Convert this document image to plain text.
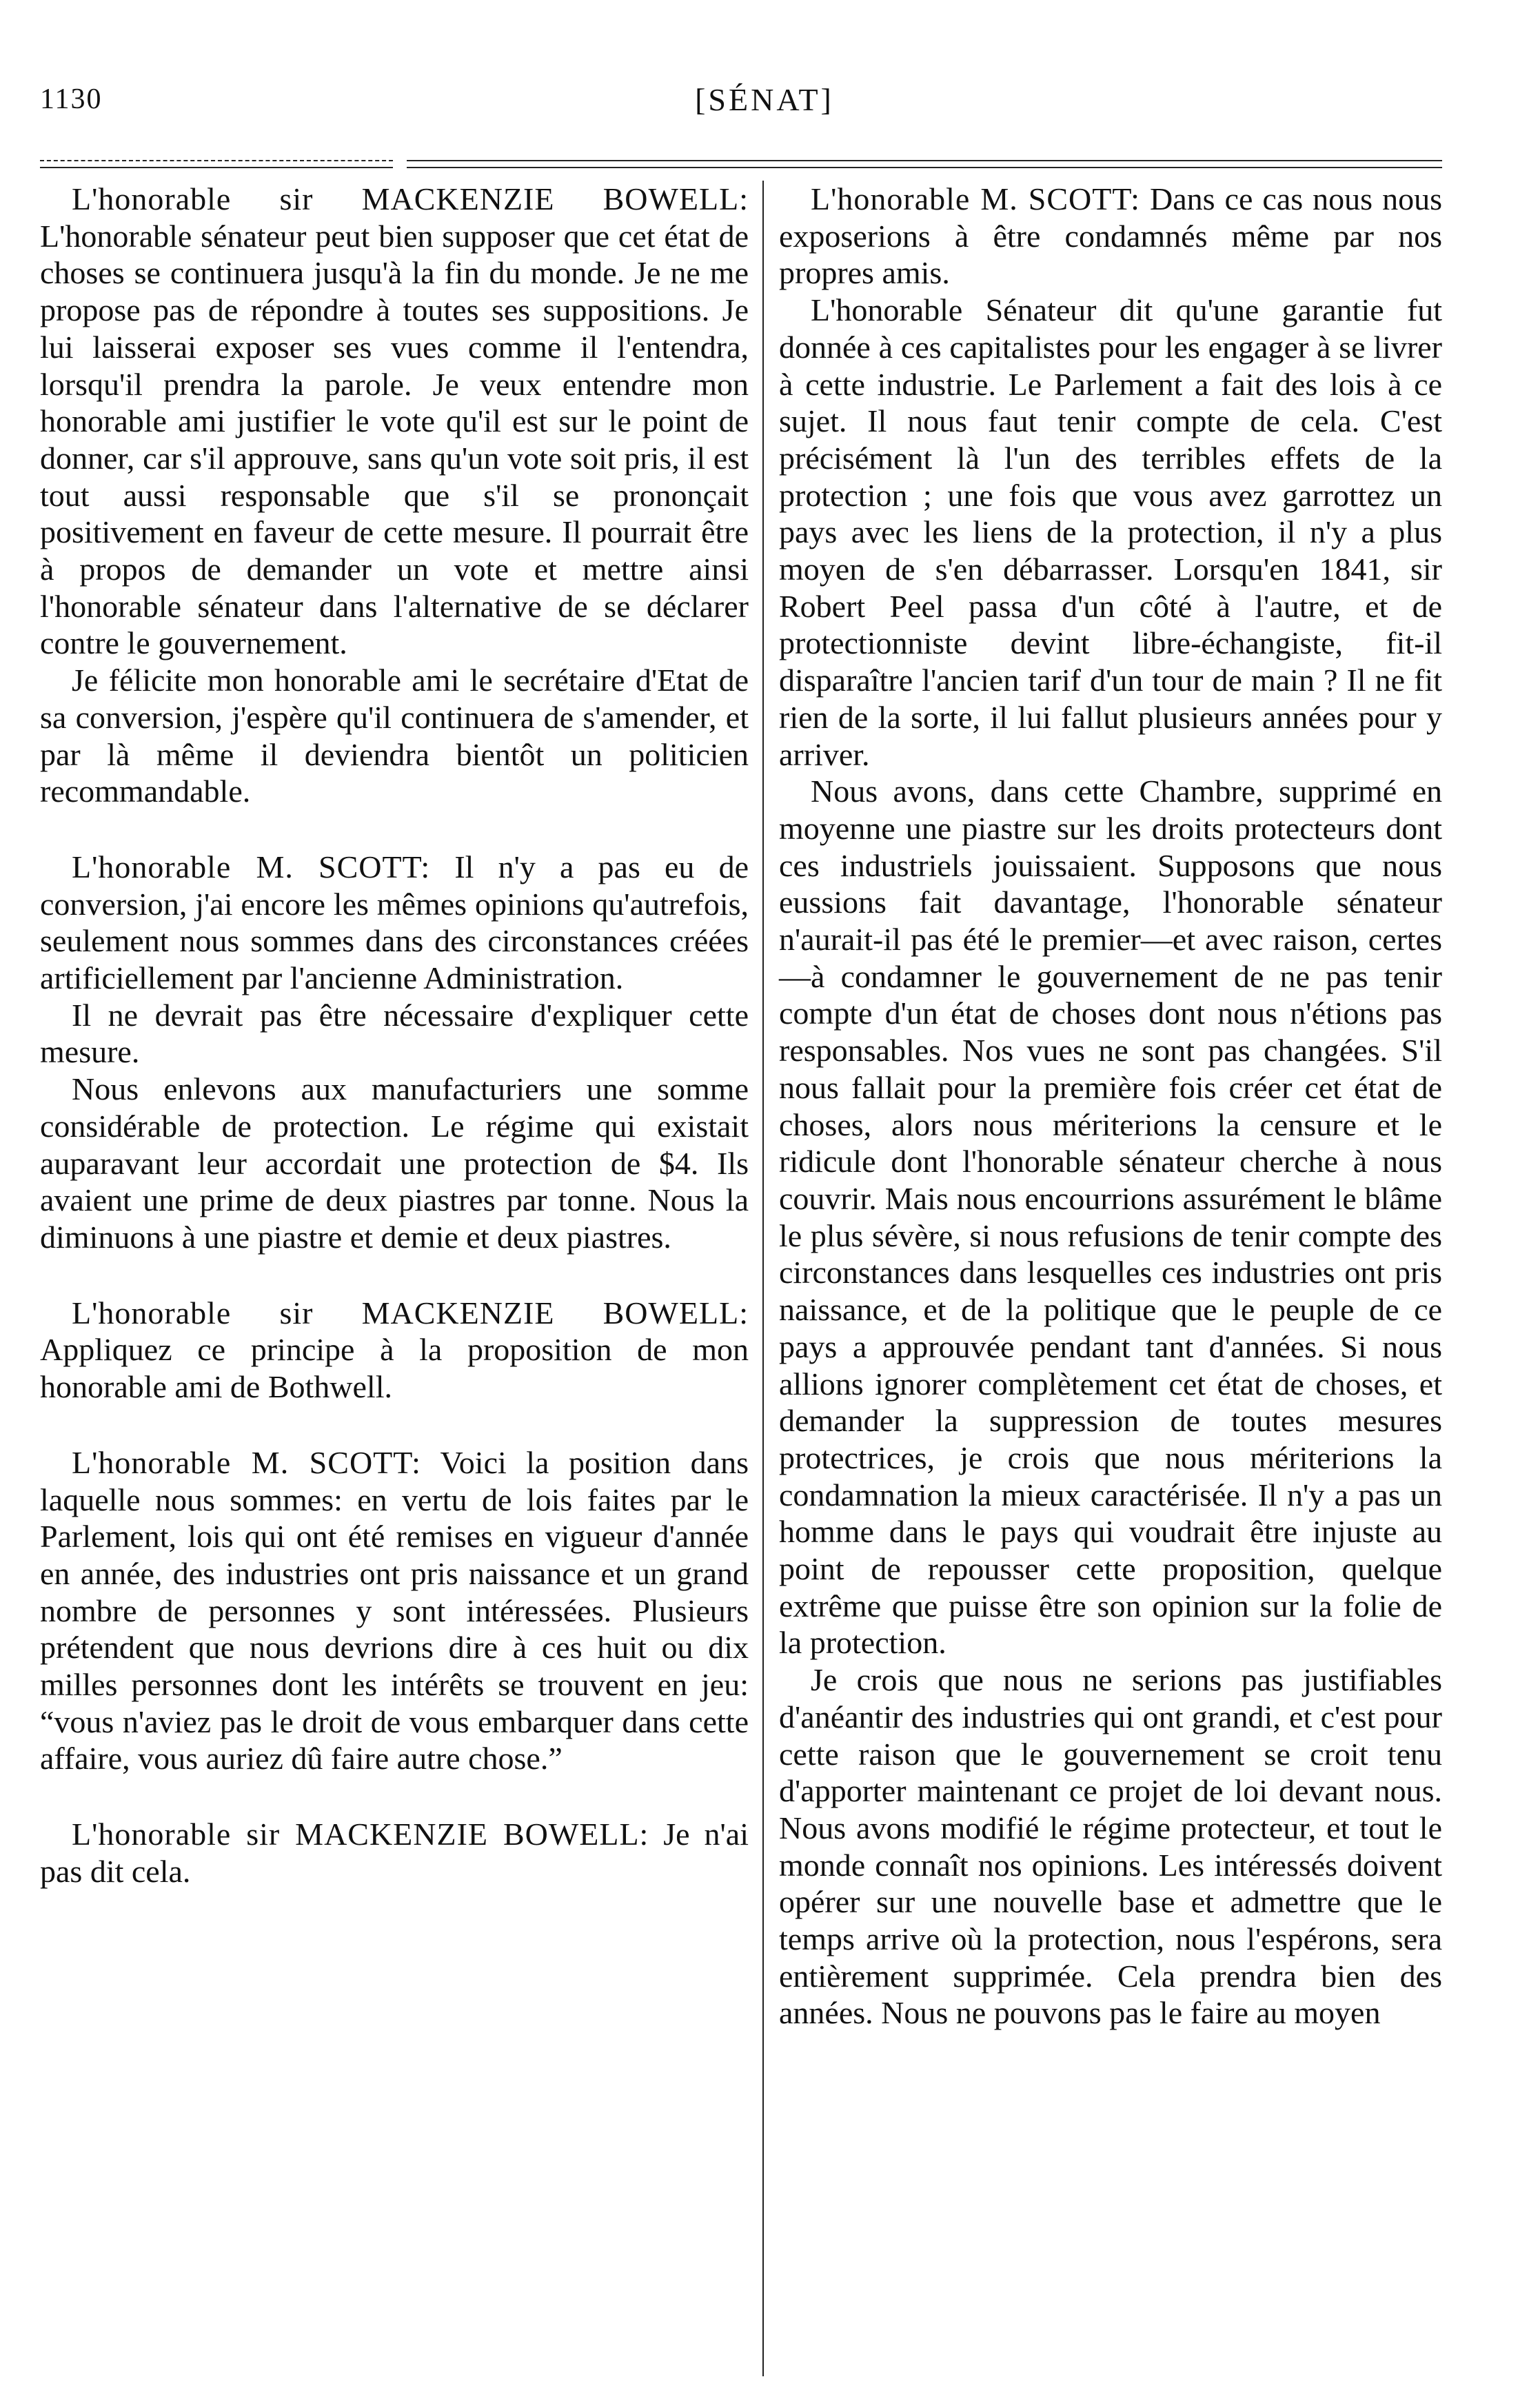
1130	[SÉNAT]

L'honorable sir MACKENZIE BOWELL: L'honorable sénateur peut bien supposer que cet état de choses se continuera jusqu'à la fin du monde. Je ne me propose pas de répondre à toutes ses suppositions. Je lui laisserai exposer ses vues comme il l'entendra, lorsqu'il prendra la parole. Je veux entendre mon honorable ami justifier le vote qu'il est sur le point de donner, car s'il approuve, sans qu'un vote soit pris, il est tout aussi responsable que s'il se prononçait positivement en faveur de cette mesure. Il pourrait être à propos de demander un vote et mettre ainsi l'honorable sénateur dans l'alternative de se déclarer contre le gouvernement.

Je félicite mon honorable ami le secrétaire d'Etat de sa conversion, j'espère qu'il continuera de s'amender, et par là même il deviendra bientôt un politicien recommandable.

L'honorable M. SCOTT: Il n'y a pas eu de conversion, j'ai encore les mêmes opinions qu'autrefois, seulement nous sommes dans des circonstances créées artificiellement par l'ancienne Administration.

Il ne devrait pas être nécessaire d'expliquer cette mesure.

Nous enlevons aux manufacturiers une somme considérable de protection. Le régime qui existait auparavant leur accordait une protection de $4. Ils avaient une prime de deux piastres par tonne. Nous la diminuons à une piastre et demie et deux piastres.

L'honorable sir MACKENZIE BOWELL: Appliquez ce principe à la proposition de mon honorable ami de Bothwell.

L'honorable M. SCOTT: Voici la position dans laquelle nous sommes: en vertu de lois faites par le Parlement, lois qui ont été remises en vigueur d'année en année, des industries ont pris naissance et un grand nombre de personnes y sont intéressées. Plusieurs prétendent que nous devrions dire à ces huit ou dix milles personnes dont les intérêts se trouvent en jeu: “vous n'aviez pas le droit de vous embarquer dans cette affaire, vous auriez dû faire autre chose.”

L'honorable sir MACKENZIE BOWELL: Je n'ai pas dit cela.

L'honorable M. SCOTT: Dans ce cas nous nous exposerions à être condamnés même par nos propres amis.

L'honorable Sénateur dit qu'une garantie fut donnée à ces capitalistes pour les engager à se livrer à cette industrie. Le Parlement a fait des lois à ce sujet. Il nous faut tenir compte de cela. C'est précisément là l'un des terribles effets de la protection ; une fois que vous avez garrottez un pays avec les liens de la protection, il n'y a plus moyen de s'en débarrasser. Lorsqu'en 1841, sir Robert Peel passa d'un côté à l'autre, et de protectionniste devint libre-échangiste, fit-il disparaître l'ancien tarif d'un tour de main ? Il ne fit rien de la sorte, il lui fallut plusieurs années pour y arriver.

Nous avons, dans cette Chambre, supprimé en moyenne une piastre sur les droits protecteurs dont ces industriels jouissaient. Supposons que nous eussions fait davantage, l'honorable sénateur n'aurait-il pas été le premier—et avec raison, certes —à condamner le gouvernement de ne pas tenir compte d'un état de choses dont nous n'étions pas responsables. Nos vues ne sont pas changées. S'il nous fallait pour la première fois créer cet état de choses, alors nous mériterions la censure et le ridicule dont l'honorable sénateur cherche à nous couvrir. Mais nous encourrions assurément le blâme le plus sévère, si nous refusions de tenir compte des circonstances dans lesquelles ces industries ont pris naissance, et de la politique que le peuple de ce pays a approuvée pendant tant d'années. Si nous allions ignorer complètement cet état de choses, et demander la suppression de toutes mesures protectrices, je crois que nous mériterions la condamnation la mieux caractérisée. Il n'y a pas un homme dans le pays qui voudrait être injuste au point de repousser cette proposition, quelque extrême que puisse être son opinion sur la folie de la protection.

Je crois que nous ne serions pas justifiables d'anéantir des industries qui ont grandi, et c'est pour cette raison que le gouvernement se croit tenu d'apporter maintenant ce projet de loi devant nous. Nous avons modifié le régime protecteur, et tout le monde connaît nos opinions. Les intéressés doivent opérer sur une nouvelle base et admettre que le temps arrive où la protection, nous l'espérons, sera entièrement supprimée. Cela prendra bien des années. Nous ne pouvons pas le faire au moyen
